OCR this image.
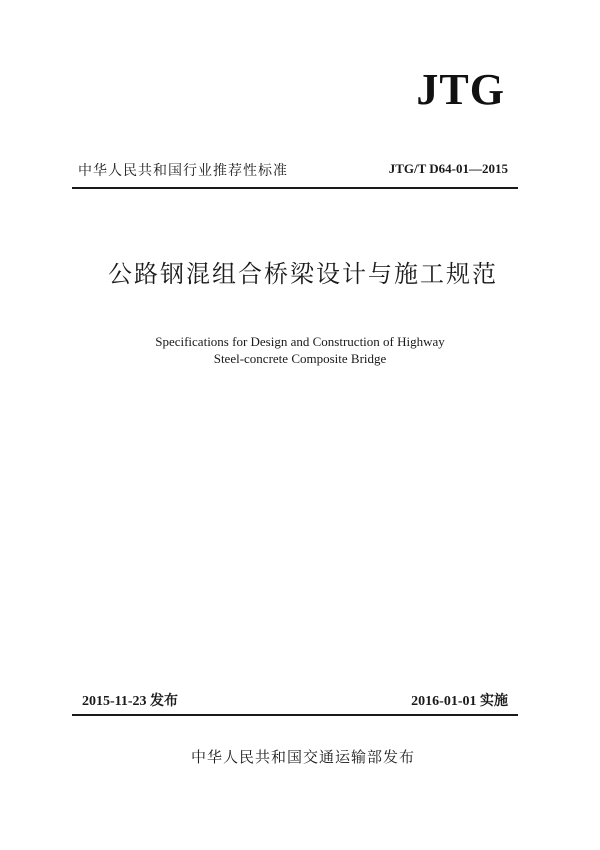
JTG
中华人民共和国行业推荐性标准	JTG/T D64-01—2015
公路钢混组合桥梁设计与施工规范
Specifications for Design and Construction of Highway
Steel-concrete Composite Bridge
2015-11-23 发布	2016-01-01 实施
中华人民共和国交通运输部发布
